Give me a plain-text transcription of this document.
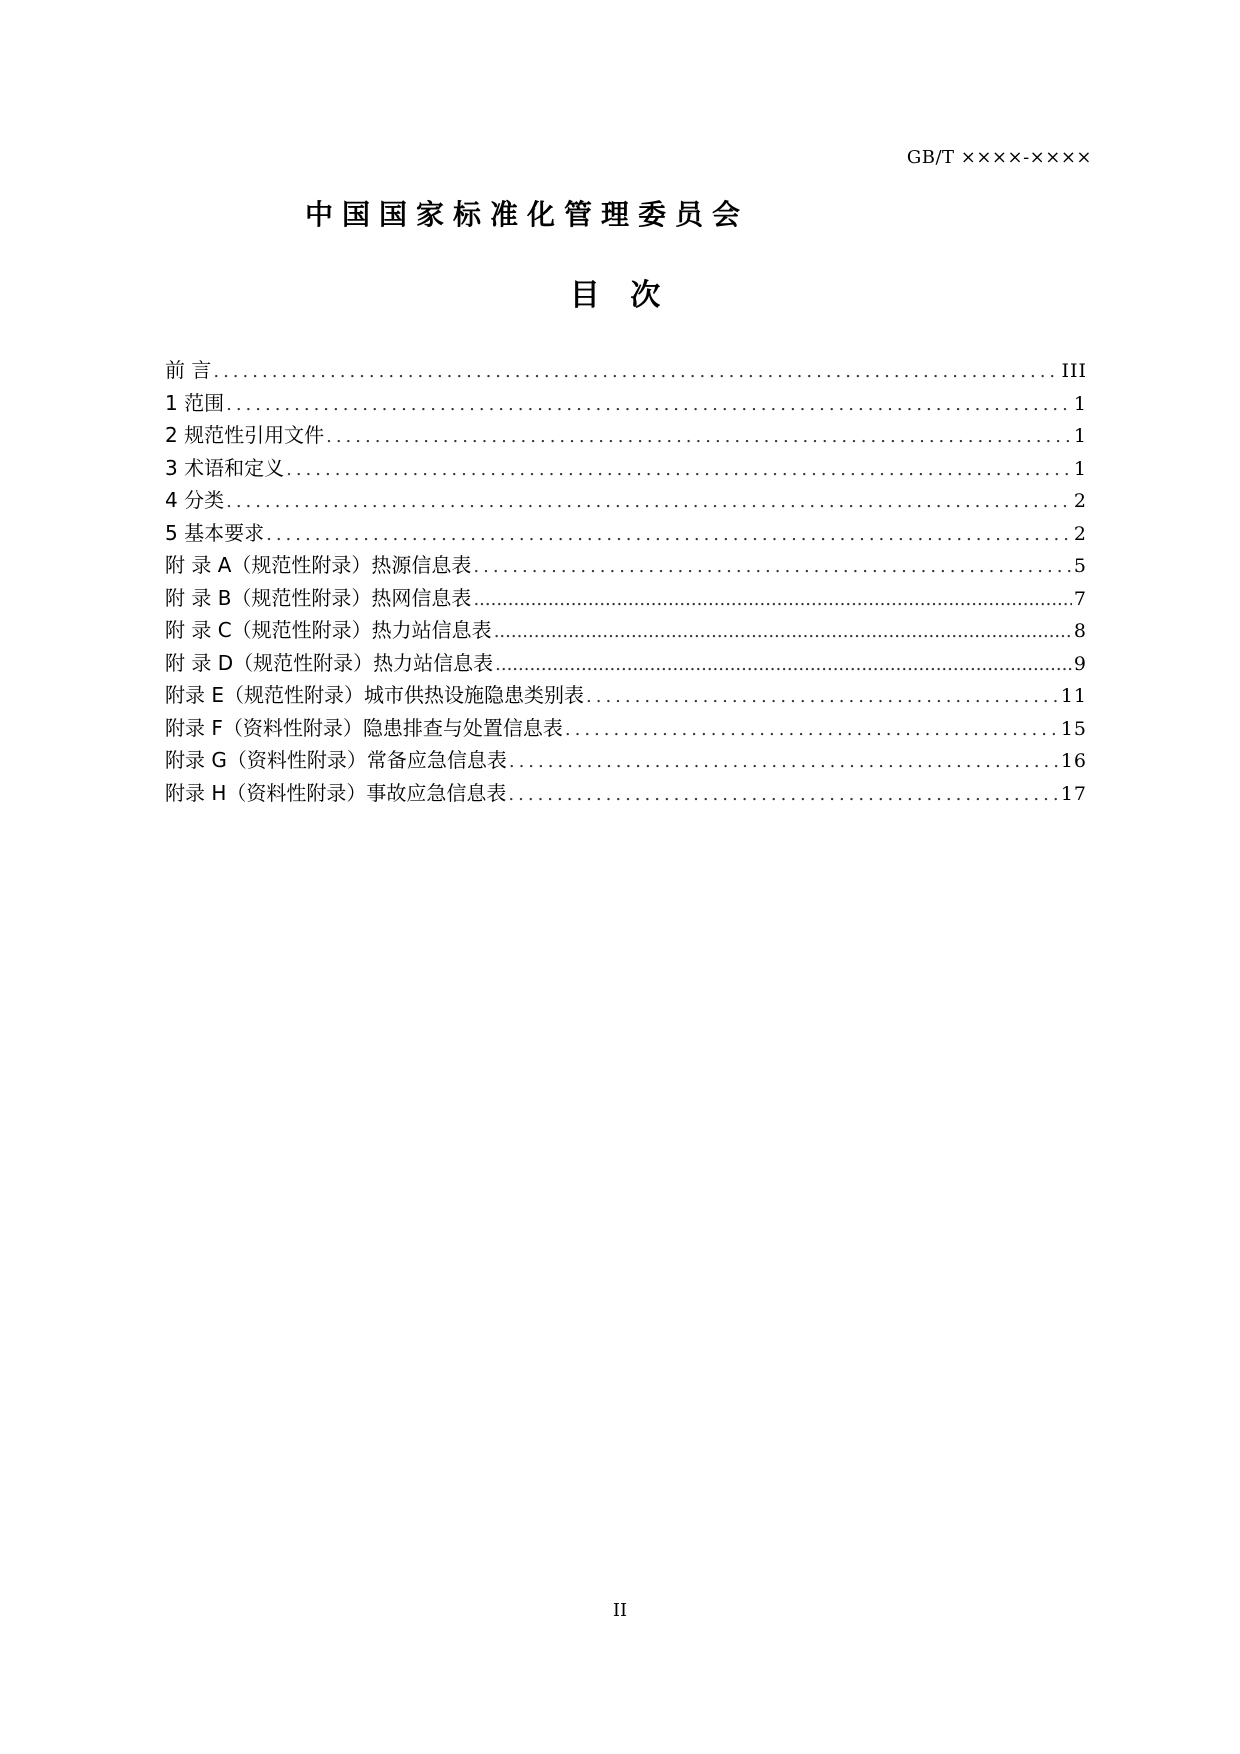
GB/T ××××-××××
中国国家标准化管理委员会
目 次
前 言 .....	III
1 范围 .....	1
2 规范性引用文件 .....	1
3 术语和定义 .....	1
4 分类 .....	2
5 基本要求 .....	2
附 录 A（规范性附录）热源信息表 .....	5
附 录 B（规范性附录）热网信息表 .....	7
附 录 C（规范性附录）热力站信息表 .....	8
附 录 D（规范性附录）热力站信息表 .....	9
附录 E（规范性附录）城市供热设施隐患类别表 .....	11
附录 F（资料性附录）隐患排查与处置信息表 .....	15
附录 G（资料性附录）常备应急信息表 .....	16
附录 H（资料性附录）事故应急信息表 .....	17
II
